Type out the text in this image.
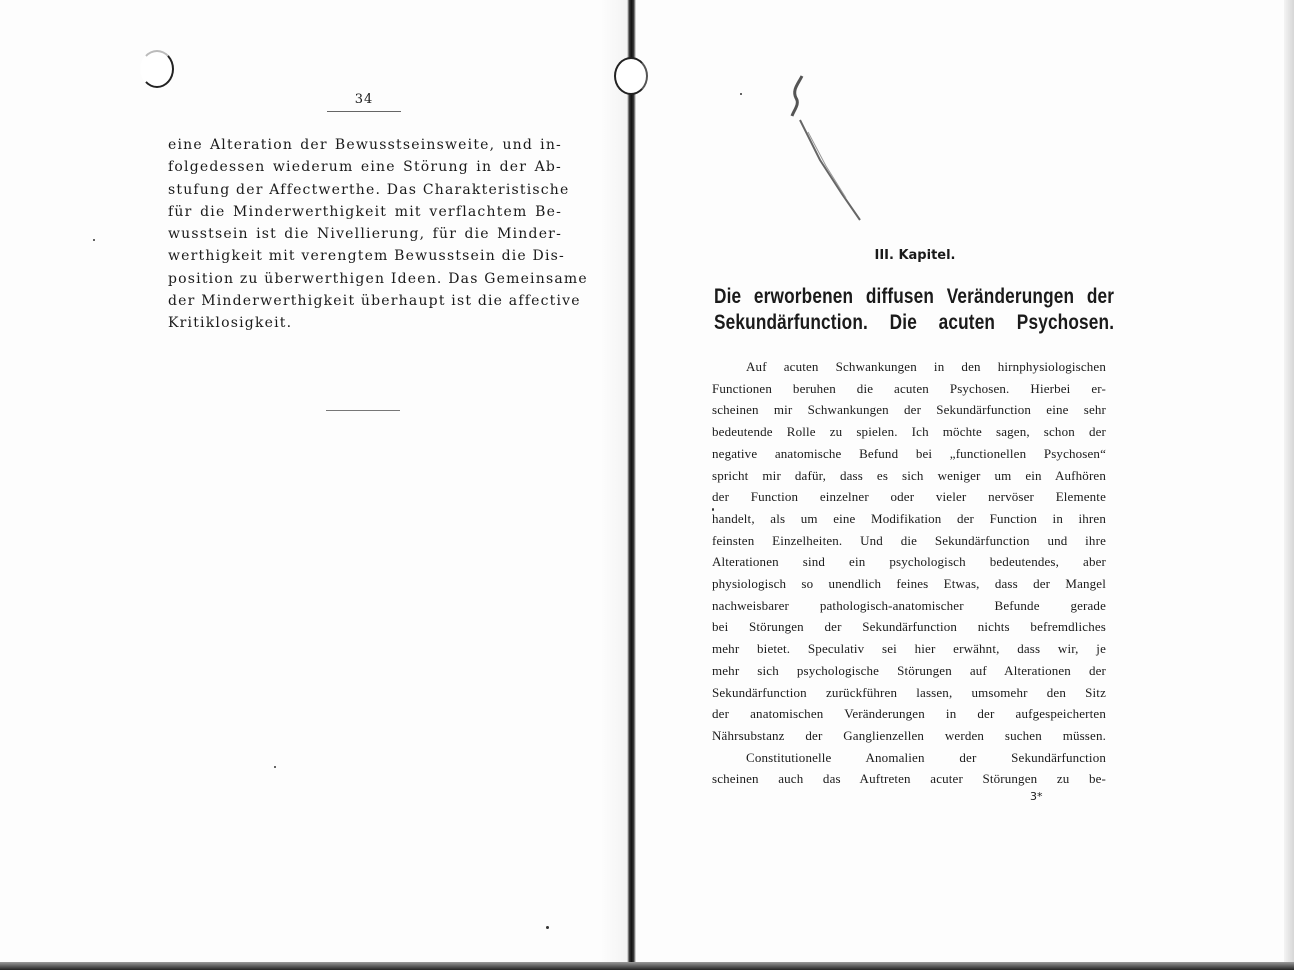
34
eine Alteration der Bewusstseinsweite, und in-
folgedessen wiederum eine Störung in der Ab-
stufung der Affectwerthe. Das Charakteristische
für die Minderwerthigkeit mit verflachtem Be-
wusstsein ist die Nivellierung, für die Minder-
werthigkeit mit verengtem Bewusstsein die Dis-
position zu überwerthigen Ideen. Das Gemeinsame
der Minderwerthigkeit überhaupt ist die affective
Kritiklosigkeit.
III. Kapitel.
Die erworbenen diffusen Veränderungen der
Sekundärfunction. Die acuten Psychosen.
Auf acuten Schwankungen in den hirnphysiologischen
Functionen beruhen die acuten Psychosen. Hierbei er-
scheinen mir Schwankungen der Sekundärfunction eine sehr
bedeutende Rolle zu spielen. Ich möchte sagen, schon der
negative anatomische Befund bei „functionellen Psychosen“
spricht mir dafür, dass es sich weniger um ein Aufhören
der Function einzelner oder vieler nervöser Elemente
handelt, als um eine Modifikation der Function in ihren
feinsten Einzelheiten. Und die Sekundärfunction und ihre
Alterationen sind ein psychologisch bedeutendes, aber
physiologisch so unendlich feines Etwas, dass der Mangel
nachweisbarer pathologisch-anatomischer Befunde gerade
bei Störungen der Sekundärfunction nichts befremdliches
mehr bietet. Speculativ sei hier erwähnt, dass wir, je
mehr sich psychologische Störungen auf Alterationen der
Sekundärfunction zurückführen lassen, umsomehr den Sitz
der anatomischen Veränderungen in der aufgespeicherten
Nährsubstanz der Ganglienzellen werden suchen müssen.
Constitutionelle Anomalien der Sekundärfunction
scheinen auch das Auftreten acuter Störungen zu be-
3*
